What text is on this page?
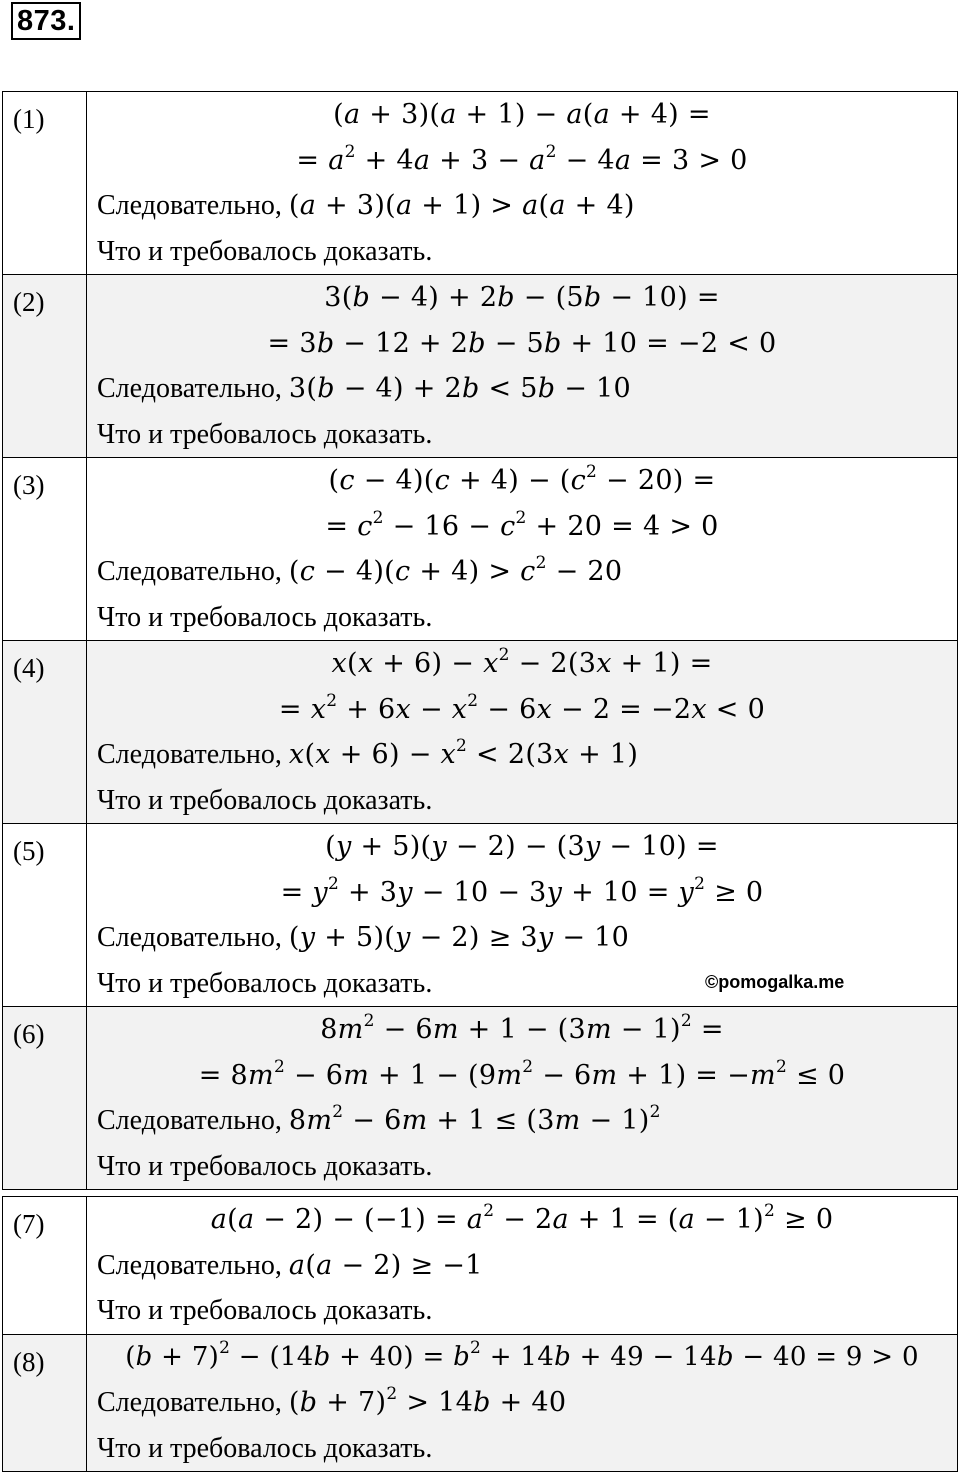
873.
(1)	(a + 3)(a + 1) − a(a + 4) =
= $a^2 + 4a + 3 - a^2 - 4a = 3 > 0$
Следовательно, (a + 3)(a + 1) > a(a + 4)
Что и требовалось доказать.

(2)	3(b − 4) + 2b − (5b − 10) =
= 3b − 12 + 2b − 5b + 10 = −2 < 0
Следовательно, 3(b − 4) + 2b < 5b − 10
Что и требовалось доказать.

(3)	$(c - 4)(c + 4) - (c^2 - 20)$ =
= $c^2 - 16 - c^2 + 20 = 4 > 0$
Следовательно, $(c - 4)(c + 4) > c^2 - 20$
Что и требовалось доказать.

(4)	$x(x + 6) - x^2 - 2(3x + 1)$ =
= $x^2 + 6x - x^2 - 6x - 2 = -2x < 0$
Следовательно, $x(x + 6) - x^2 < 2(3x + 1)$
Что и требовалось доказать.

(5)	(y + 5)(y − 2) − (3y − 10) =
= $y^2 + 3y - 10 - 3y + 10 = y^2 \ge 0$
Следовательно, (y + 5)(y − 2) ≥ 3y − 10
Что и требовалось доказать.

(6)	$8m^2 - 6m + 1 - (3m - 1)^2$ =
= $8m^2 - 6m + 1 - (9m^2 - 6m + 1) = -m^2 \le 0$
Следовательно, $8m^2 - 6m + 1 \le (3m - 1)^2$
Что и требовалось доказать.
©pomogalka.me
(7)	$a(a - 2) - (-1) = a^2 - 2a + 1 = (a - 1)^2 \ge 0$
Следовательно, a(a − 2) ≥ −1
Что и требовалось доказать.

(8)	$(b + 7)^2 - (14b + 40) = b^2 + 14b + 49 - 14b - 40 = 9 > 0$
Следовательно, $(b + 7)^2 > 14b + 40$
Что и требовалось доказать.
